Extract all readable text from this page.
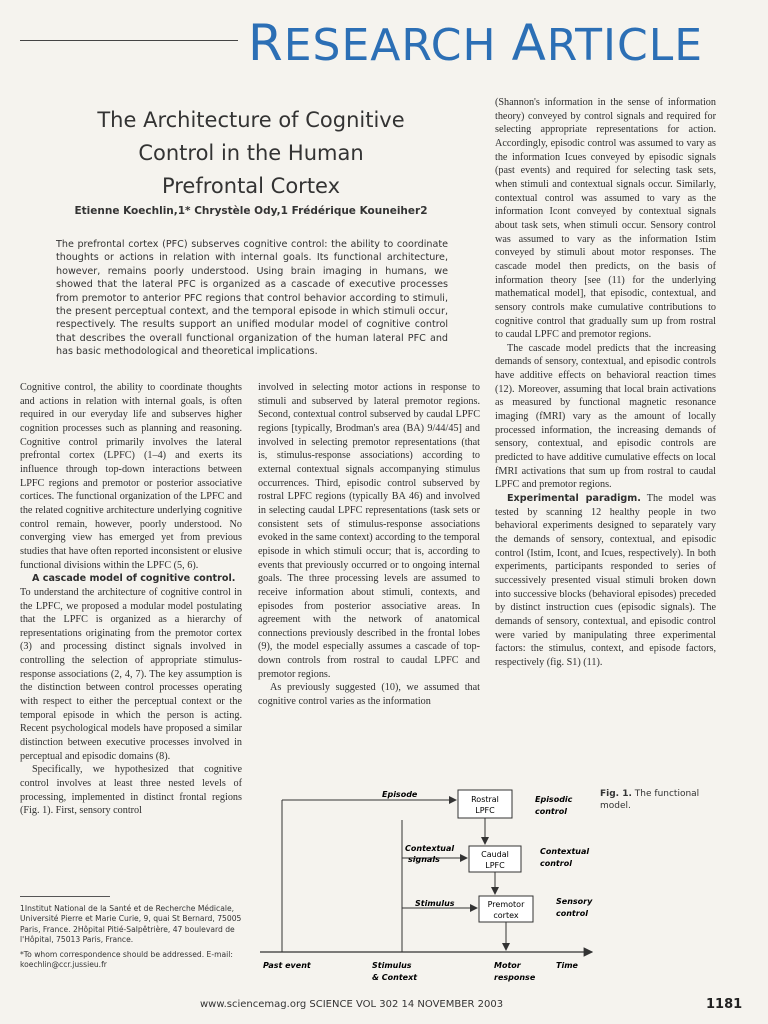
RESEARCH ARTICLE
The Architecture of Cognitive
Control in the Human
Prefrontal Cortex
Etienne Koechlin,1* Chrystèle Ody,1 Frédérique Kouneiher2
The prefrontal cortex (PFC) subserves cognitive control: the ability to coordinate thoughts or actions in relation with internal goals. Its functional architecture, however, remains poorly understood. Using brain imaging in humans, we showed that the lateral PFC is organized as a cascade of executive processes from premotor to anterior PFC regions that control behavior according to stimuli, the present perceptual context, and the temporal episode in which stimuli occur, respectively. The results support an unified modular model of cognitive control that describes the overall functional organization of the human lateral PFC and has basic methodological and theoretical implications.

Cognitive control, the ability to coordinate thoughts and actions in relation with internal goals, is often required in our everyday life and subserves higher cognition processes such as planning and reasoning. Cognitive control primarily involves the lateral prefrontal cortex (LPFC) (1–4) and exerts its influence through top-down interactions between LPFC regions and premotor or posterior associative cortices. The functional organization of the LPFC and the related cognitive architecture underlying cognitive control remain, however, poorly understood. No converging view has emerged yet from previous studies that have often reported inconsistent or elusive functional divisions within the LPFC (5, 6).

A cascade model of cognitive control.

To understand the architecture of cognitive control in the LPFC, we proposed a modular model postulating that the LPFC is organized as a hierarchy of representations originating from the premotor cortex (3) and processing distinct signals involved in controlling the selection of appropriate stimulus-response associations (2, 4, 7). The key assumption is the distinction between control processes operating with respect to either the perceptual context or the temporal episode in which the person is acting. Recent psychological models have proposed a similar distinction between executive processes involved in perceptual and episodic domains (8).

Specifically, we hypothesized that cognitive control involves at least three nested levels of processing, implemented in distinct frontal regions (Fig. 1). First, sensory control

involved in selecting motor actions in response to stimuli and subserved by lateral premotor regions. Second, contextual control subserved by caudal LPFC regions [typically, Brodman's area (BA) 9/44/45] and involved in selecting premotor representations (that is, stimulus-response associations) according to external contextual signals accompanying stimulus occurrences. Third, episodic control subserved by rostral LPFC regions (typically BA 46) and involved in selecting caudal LPFC representations (task sets or consistent sets of stimulus-response associations evoked in the same context) according to the temporal episode in which stimuli occur; that is, according to events that previously occurred or to ongoing internal goals. The three processing levels are assumed to receive information about stimuli, contexts, and episodes from posterior associative areas. In agreement with the network of anatomical connections previously described in the frontal lobes (9), the model especially assumes a cascade of top-down controls from rostral to caudal LPFC and premotor regions.

As previously suggested (10), we assumed that cognitive control varies as the information

(Shannon's information in the sense of information theory) conveyed by control signals and required for selecting appropriate representations for action. Accordingly, episodic control was assumed to vary as the information Icues conveyed by episodic signals (past events) and required for selecting task sets, when stimuli and contextual signals occur. Similarly, contextual control was assumed to vary as the information Icont conveyed by contextual signals about task sets, when stimuli occur. Sensory control was assumed to vary as the information Istim conveyed by stimuli about motor responses. The cascade model then predicts, on the basis of information theory [see (11) for the underlying mathematical model], that episodic, contextual, and sensory controls make cumulative contributions to cognitive control that gradually sum up from rostral to caudal LPFC and premotor regions.

The cascade model predicts that the increasing demands of sensory, contextual, and episodic controls have additive effects on behavioral reaction times (12). Moreover, assuming that local brain activations as measured by functional magnetic resonance imaging (fMRI) vary as the amount of locally processed information, the increasing demands of sensory, contextual, and episodic controls are predicted to have additive cumulative effects on local fMRI activations that sum up from rostral to caudal LPFC and premotor regions.

Experimental paradigm. The model was tested by scanning 12 healthy people in two behavioral experiments designed to separately vary the demands of sensory, contextual, and episodic control (Istim, Icont, and Icues, respectively). In both experiments, participants responded to series of successively presented visual stimuli broken down into successive blocks (behavioral episodes) preceded by distinct instruction cues (episodic signals). The demands of sensory, contextual, and episodic control were varied by manipulating three experimental factors: the stimulus, context, and episode factors, respectively (fig. S1) (11).

1Institut National de la Santé et de Recherche Médicale, Université Pierre et Marie Curie, 9, quai St Bernard, 75005 Paris, France. 2Hôpital Pitié-Salpêtrière, 47 boulevard de l'Hôpital, 75013 Paris, France.

*To whom correspondence should be addressed. E-mail: koechlin@ccr.jussieu.fr

Episode
Rostral
LPFC
Episodic
control
Contextual
signals
Caudal
LPFC
Contextual
control
Stimulus	Premotor
cortex
Sensory
control
Past event	Stimulus
& Context
Motor
response
Time
Fig. 1. The functional model.
www.sciencemag.org SCIENCE VOL 302 14 NOVEMBER 2003	1181
